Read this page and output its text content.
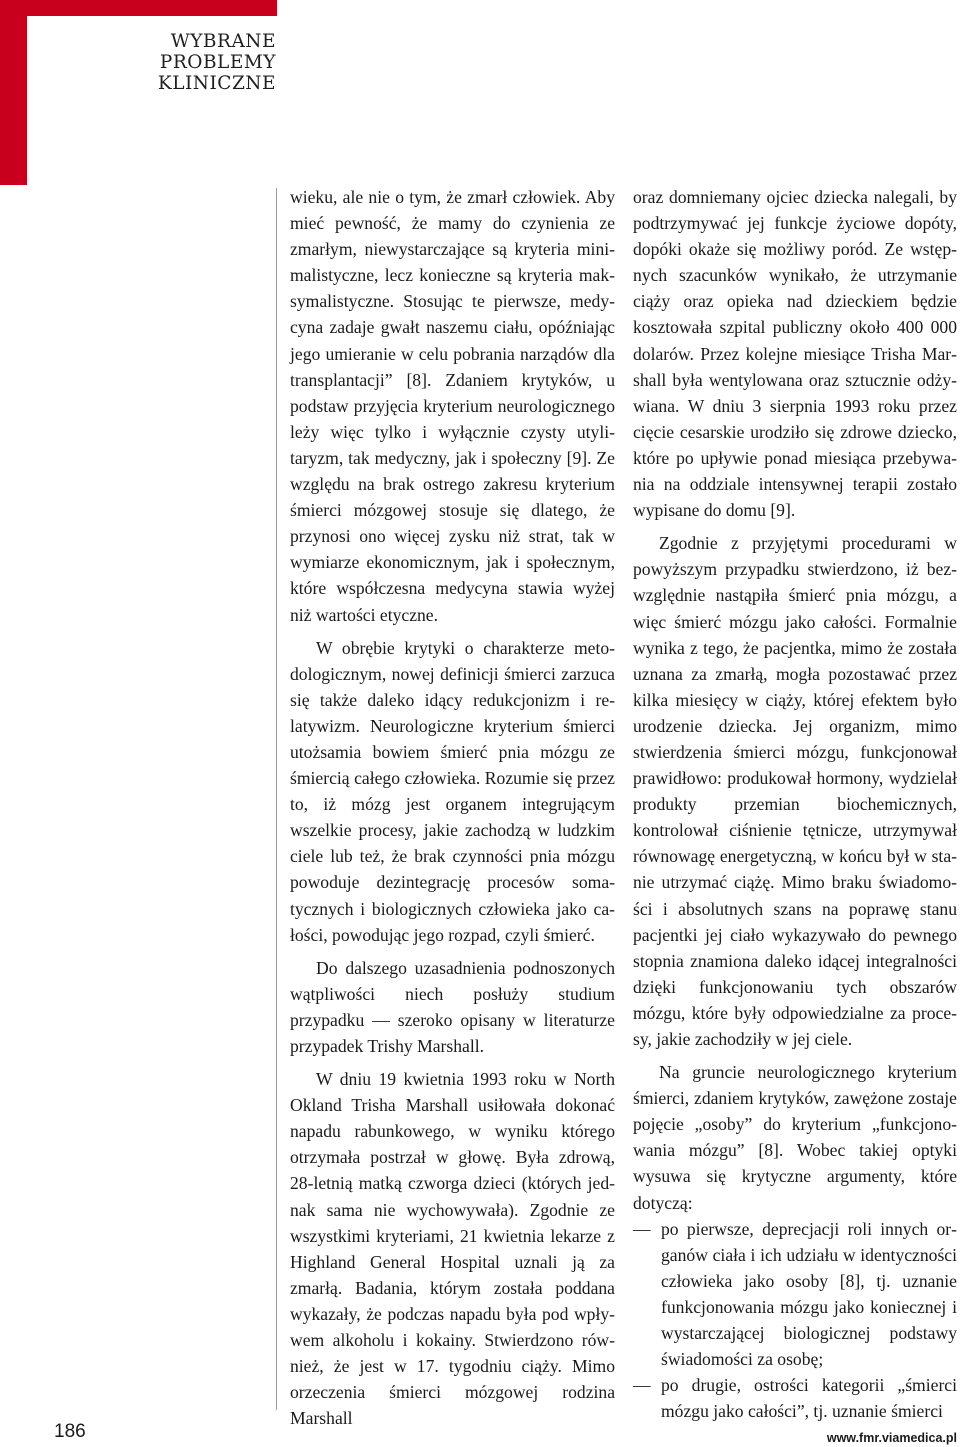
WYBRANE
PROBLEMY
KLINICZNE

wieku, ale nie o tym, że zmarł człowiek. Aby mieć pewność, że mamy do czynienia ze zmarłym, niewystarczające są kryteria minimalistyczne, lecz konieczne są kryteria maksymalistyczne. Stosując te pierwsze, medycyna zadaje gwałt naszemu ciału, opóźniając jego umieranie w celu pobrania narządów dla transplantacji” [8]. Zdaniem krytyków, u podstaw przyjęcia kryterium neurologicznego leży więc tylko i wyłącznie czysty utylitaryzm, tak medyczny, jak i społeczny [9]. Ze względu na brak ostrego zakresu kryterium śmierci mózgowej stosuje się dlatego, że przynosi ono więcej zysku niż strat, tak w wymiarze ekonomicznym, jak i społecznym, które współczesna medycyna stawia wyżej niż wartości etyczne.

W obrębie krytyki o charakterze metodologicznym, nowej definicji śmierci zarzuca się także daleko idący redukcjonizm i relatywizm. Neurologiczne kryterium śmierci utożsamia bowiem śmierć pnia mózgu ze śmiercią całego człowieka. Rozumie się przez to, iż mózg jest organem integrującym wszelkie procesy, jakie zachodzą w ludzkim ciele lub też, że brak czynności pnia mózgu powoduje dezintegrację procesów somatycznych i biologicznych człowieka jako całości, powodując jego rozpad, czyli śmierć.

Do dalszego uzasadnienia podnoszonych wątpliwości niech posłuży studium przypadku — szeroko opisany w literaturze przypadek Trishy Marshall.

W dniu 19 kwietnia 1993 roku w North Okland Trisha Marshall usiłowała dokonać napadu rabunkowego, w wyniku którego otrzymała postrzał w głowę. Była zdrową, 28-letnią matką czworga dzieci (których jednak sama nie wychowywała). Zgodnie ze wszystkimi kryteriami, 21 kwietnia lekarze z Highland General Hospital uznali ją za zmarłą. Badania, którym została poddana wykazały, że podczas napadu była pod wpływem alkoholu i kokainy. Stwierdzono również, że jest w 17. tygodniu ciąży. Mimo orzeczenia śmierci mózgowej rodzina Marshall

oraz domniemany ojciec dziecka nalegali, by podtrzymywać jej funkcje życiowe dopóty, dopóki okaże się możliwy poród. Ze wstępnych szacunków wynikało, że utrzymanie ciąży oraz opieka nad dzieckiem będzie kosztowała szpital publiczny około 400 000 dolarów. Przez kolejne miesiące Trisha Marshall była wentylowana oraz sztucznie odżywiana. W dniu 3 sierpnia 1993 roku przez cięcie cesarskie urodziło się zdrowe dziecko, które po upływie ponad miesiąca przebywania na oddziale intensywnej terapii zostało wypisane do domu [9].

Zgodnie z przyjętymi procedurami w powyższym przypadku stwierdzono, iż bezwzględnie nastąpiła śmierć pnia mózgu, a więc śmierć mózgu jako całości. Formalnie wynika z tego, że pacjentka, mimo że została uznana za zmarłą, mogła pozostawać przez kilka miesięcy w ciąży, której efektem było urodzenie dziecka. Jej organizm, mimo stwierdzenia śmierci mózgu, funkcjonował prawidłowo: produkował hormony, wydzielał produkty przemian biochemicznych, kontrolował ciśnienie tętnicze, utrzymywał równowagę energetyczną, w końcu był w stanie utrzymać ciążę. Mimo braku świadomości i absolutnych szans na poprawę stanu pacjentki jej ciało wykazywało do pewnego stopnia znamiona daleko idącej integralności dzięki funkcjonowaniu tych obszarów mózgu, które były odpowiedzialne za procesy, jakie zachodziły w jej ciele.

Na gruncie neurologicznego kryterium śmierci, zdaniem krytyków, zawężone zostaje pojęcie „osoby” do kryterium „funkcjonowania mózgu” [8]. Wobec takiej optyki wysuwa się krytyczne argumenty, które dotyczą:

— po pierwsze, deprecjacji roli innych organów ciała i ich udziału w identyczności człowieka jako osoby [8], tj. uznanie funkcjonowania mózgu jako koniecznej i wystarczającej biologicznej podstawy świadomości za osobę;
— po drugie, ostrości kategorii „śmierci mózgu jako całości”, tj. uznanie śmierci
186	www.fmr.viamedica.pl
